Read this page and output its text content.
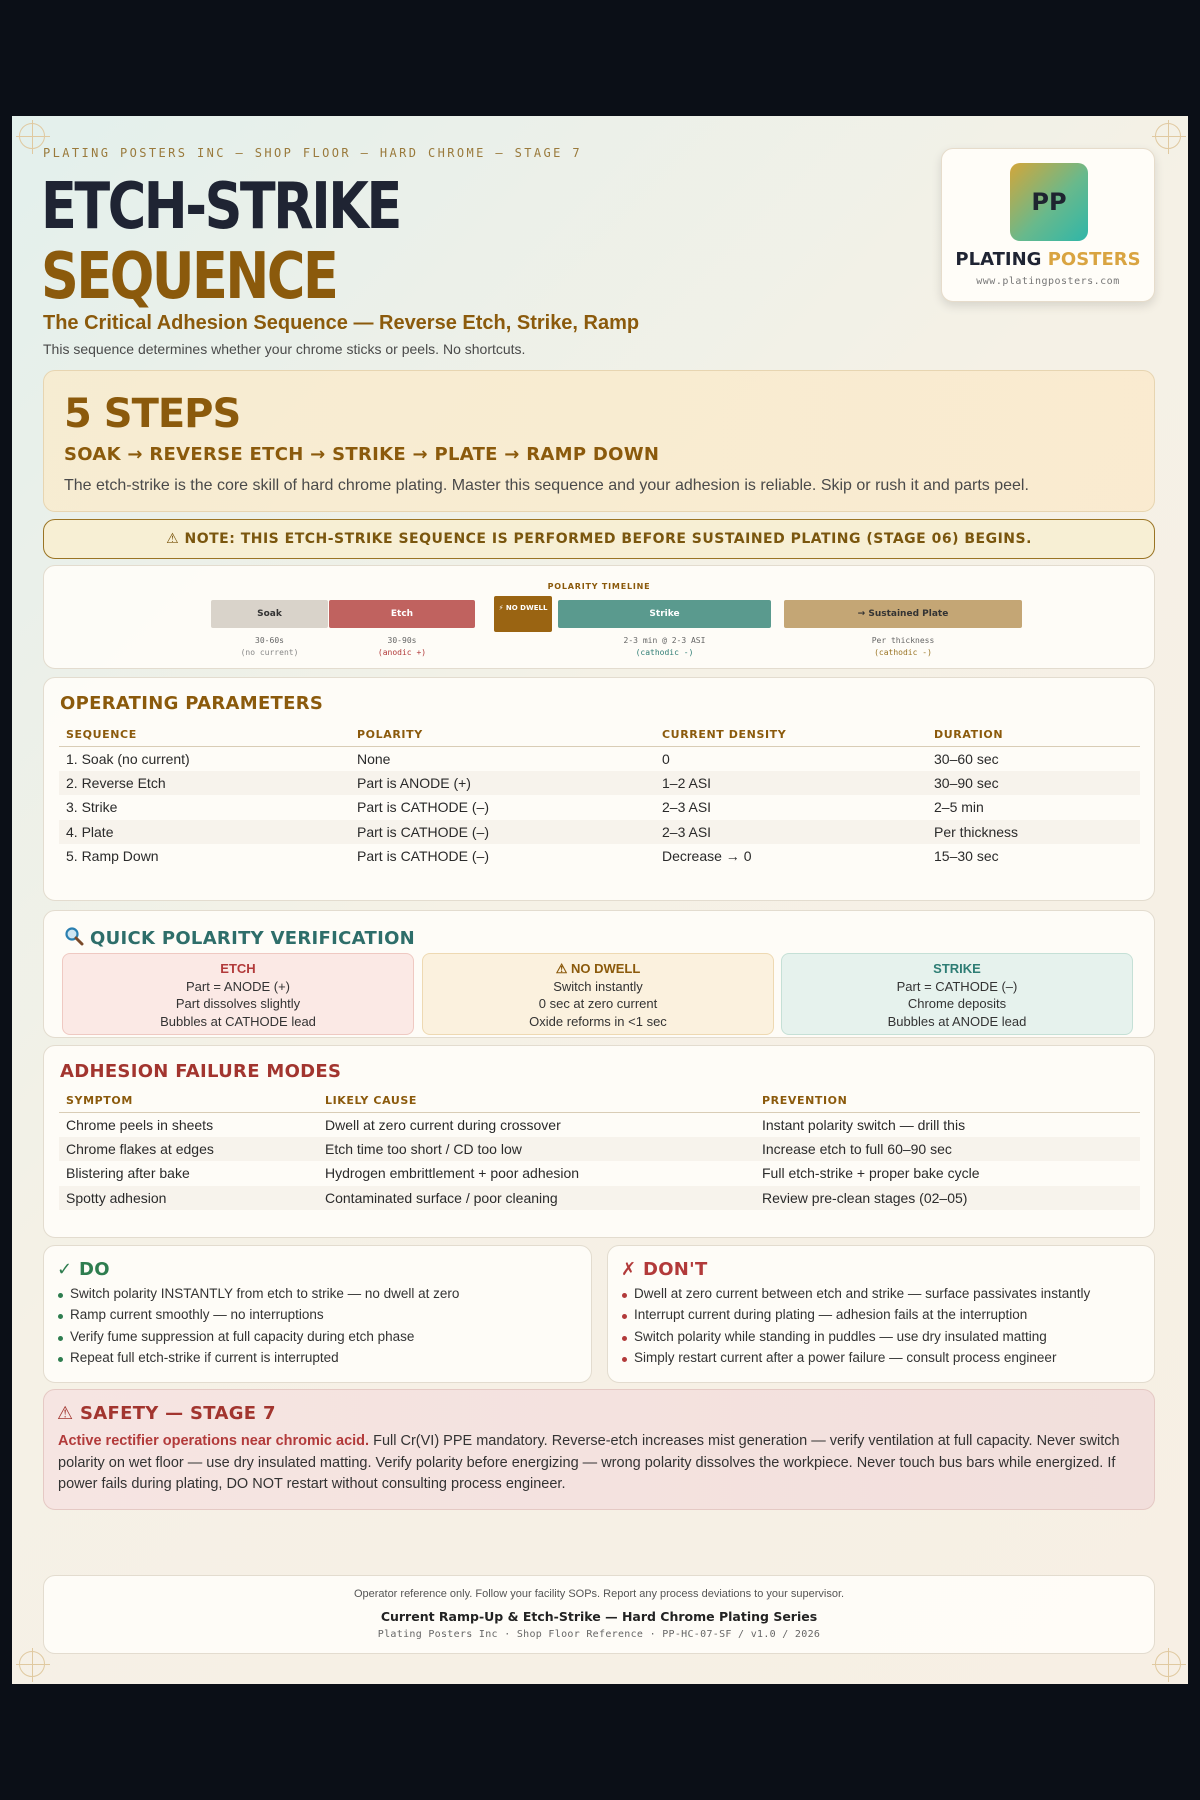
PLATING POSTERS INC — SHOP FLOOR — HARD CHROME — STAGE 7
ETCH-STRIKE
SEQUENCE
The Critical Adhesion Sequence — Reverse Etch, Strike, Ramp
This sequence determines whether your chrome sticks or peels. No shortcuts.
PP
PLATING POSTERS
www.platingposters.com
5 STEPS
SOAK → REVERSE ETCH → STRIKE → PLATE → RAMP DOWN
The etch-strike is the core skill of hard chrome plating. Master this sequence and your adhesion is reliable. Skip or rush it and parts peel.
⚠ NOTE: THIS ETCH-STRIKE SEQUENCE IS PERFORMED BEFORE SUSTAINED PLATING (STAGE 06) BEGINS.
POLARITY TIMELINE
Soak
30-60s
(no current)
Etch
30-90s
(anodic +)
⚡ NO DWELL
Strike
2-3 min @ 2-3 ASI
(cathodic -)
→ Sustained Plate
Per thickness
(cathodic -)
OPERATING PARAMETERS
SEQUENCE	POLARITY	CURRENT DENSITY	DURATION
1. Soak (no current)	None	0	30–60 sec
2. Reverse Etch	Part is ANODE (+)	1–2 ASI	30–90 sec
3. Strike	Part is CATHODE (–)	2–3 ASI	2–5 min
4. Plate	Part is CATHODE (–)	2–3 ASI	Per thickness
5. Ramp Down	Part is CATHODE (–)	Decrease → 0	15–30 sec
QUICK POLARITY VERIFICATION
ETCH
Part = ANODE (+)
Part dissolves slightly
Bubbles at CATHODE lead
⚠ NO DWELL
Switch instantly
0 sec at zero current
Oxide reforms in <1 sec
STRIKE
Part = CATHODE (–)
Chrome deposits
Bubbles at ANODE lead
ADHESION FAILURE MODES
SYMPTOM	LIKELY CAUSE	PREVENTION
Chrome peels in sheets	Dwell at zero current during crossover	Instant polarity switch — drill this
Chrome flakes at edges	Etch time too short / CD too low	Increase etch to full 60–90 sec
Blistering after bake	Hydrogen embrittlement + poor adhesion	Full etch-strike + proper bake cycle
Spotty adhesion	Contaminated surface / poor cleaning	Review pre-clean stages (02–05)
✓ DO
Switch polarity INSTANTLY from etch to strike — no dwell at zero
Ramp current smoothly — no interruptions
Verify fume suppression at full capacity during etch phase
Repeat full etch-strike if current is interrupted
✗ DON'T
Dwell at zero current between etch and strike — surface passivates instantly
Interrupt current during plating — adhesion fails at the interruption
Switch polarity while standing in puddles — use dry insulated matting
Simply restart current after a power failure — consult process engineer
⚠ SAFETY — STAGE 7
Active rectifier operations near chromic acid. Full Cr(VI) PPE mandatory. Reverse-etch increases mist generation — verify ventilation at full capacity. Never switch polarity on wet floor — use dry insulated matting. Verify polarity before energizing — wrong polarity dissolves the workpiece. Never touch bus bars while energized. If power fails during plating, DO NOT restart without consulting process engineer.
Operator reference only. Follow your facility SOPs. Report any process deviations to your supervisor.
Current Ramp-Up & Etch-Strike — Hard Chrome Plating Series
Plating Posters Inc · Shop Floor Reference · PP-HC-07-SF / v1.0 / 2026
